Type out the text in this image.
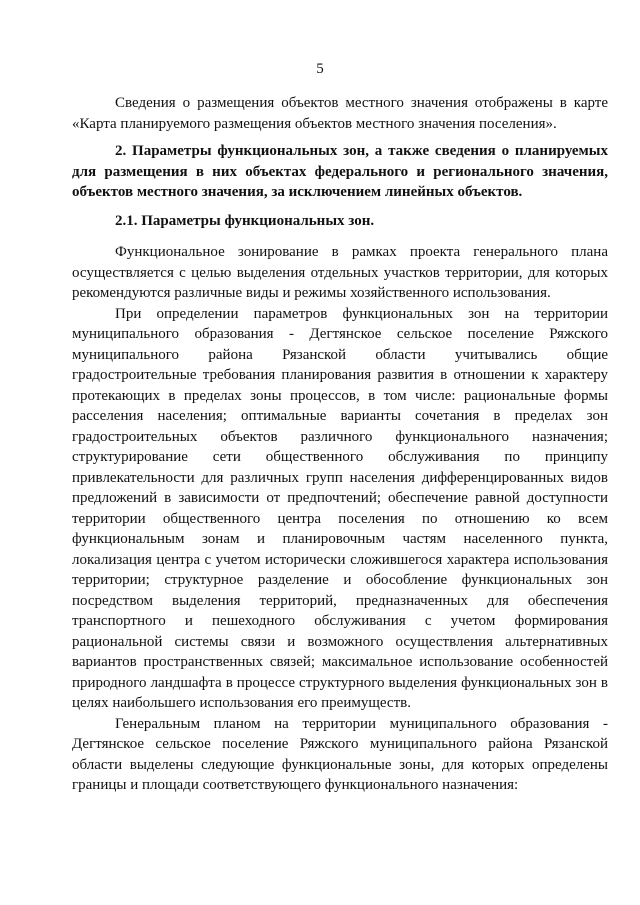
5

Сведения о размещения объектов местного значения отображены в карте «Карта планируемого размещения объектов местного значения поселения».

2. Параметры функциональных зон, а также сведения о планируемых для размещения в них объектах федерального и регионального значения, объектов местного значения, за исключением линейных объектов.

2.1. Параметры функциональных зон.

Функциональное зонирование в рамках проекта генерального плана осуществляется с целью выделения отдельных участков территории, для которых рекомендуются различные виды и режимы хозяйственного использования.

При определении параметров функциональных зон на территории муниципального образования - Дегтянское сельское поселение Ряжского муниципального района Рязанской области учитывались общие градостроительные требования планирования развития в отношении к характеру протекающих в пределах зоны процессов, в том числе: рациональные формы расселения населения; оптимальные варианты сочетания в пределах зон градостроительных объектов различного функционального назначения; структурирование сети общественного обслуживания по принципу привлекательности для различных групп населения дифференцированных видов предложений в зависимости от предпочтений; обеспечение равной доступности территории общественного центра поселения по отношению ко всем функциональным зонам и планировочным частям населенного пункта, локализация центра с учетом исторически сложившегося характера использования территории; структурное разделение и обособление функциональных зон посредством выделения территорий, предназначенных для обеспечения транспортного и пешеходного обслуживания с учетом формирования рациональной системы связи и возможного осуществления альтернативных вариантов пространственных связей; максимальное использование особенностей природного ландшафта в процессе структурного выделения функциональных зон в целях наибольшего использования его преимуществ.

Генеральным планом на территории муниципального образования - Дегтянское сельское поселение Ряжского муниципального района Рязанской области выделены следующие функциональные зоны, для которых определены границы и площади соответствующего функционального назначения:
